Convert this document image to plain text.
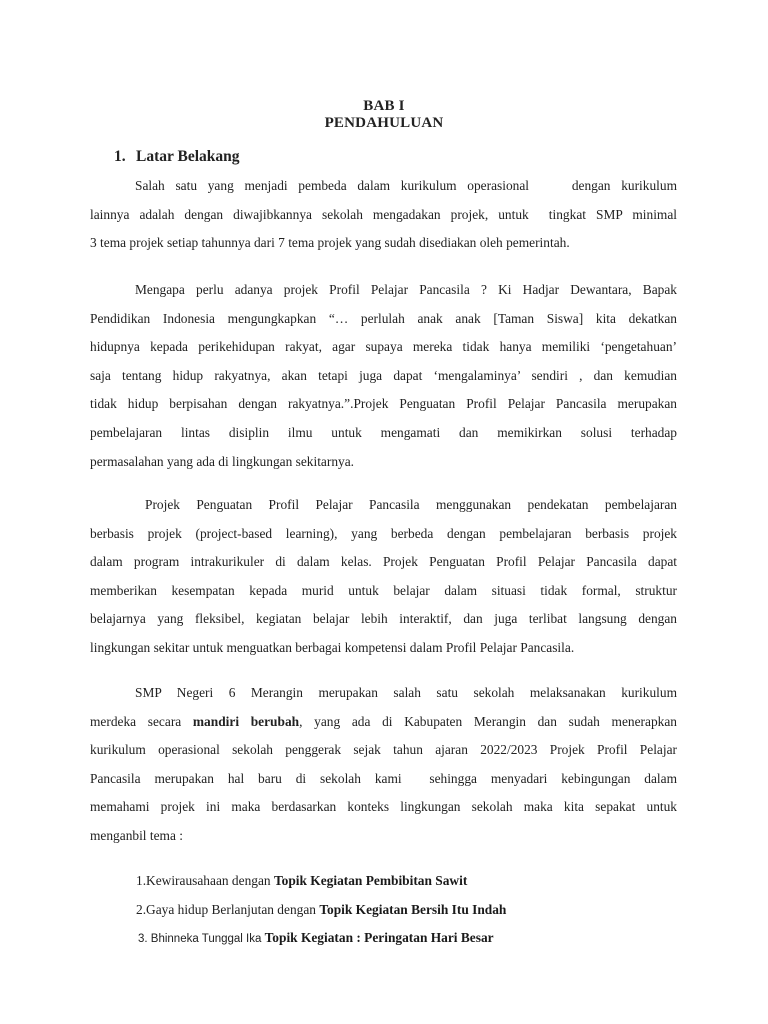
BAB I
PENDAHULUAN
1. Latar Belakang
Salah satu yang menjadi pembeda dalam kurikulum operasional    dengan kurikulum
lainnya adalah dengan diwajibkannya sekolah mengadakan projek, untuk  tingkat SMP minimal
3 tema projek setiap tahunnya dari 7 tema projek yang sudah disediakan oleh pemerintah.
Mengapa perlu adanya projek Profil Pelajar Pancasila ? Ki Hadjar Dewantara, Bapak
Pendidikan Indonesia mengungkapkan “… perlulah anak anak [Taman Siswa] kita dekatkan
hidupnya kepada perikehidupan rakyat, agar supaya mereka tidak hanya memiliki ‘pengetahuan’
saja tentang hidup rakyatnya, akan tetapi juga dapat ‘mengalaminya’ sendiri , dan kemudian
tidak hidup berpisahan dengan rakyatnya.”.Projek Penguatan Profil Pelajar Pancasila merupakan
pembelajaran lintas disiplin ilmu untuk mengamati dan memikirkan solusi terhadap
permasalahan yang ada di lingkungan sekitarnya.
Projek Penguatan Profil Pelajar Pancasila menggunakan pendekatan pembelajaran
berbasis projek (project-based learning), yang berbeda dengan pembelajaran berbasis projek
dalam program intrakurikuler di dalam kelas. Projek Penguatan Profil Pelajar Pancasila dapat
memberikan kesempatan kepada murid untuk belajar dalam situasi tidak formal, struktur
belajarnya yang fleksibel, kegiatan belajar lebih interaktif, dan juga terlibat langsung dengan
lingkungan sekitar untuk menguatkan berbagai kompetensi dalam Profil Pelajar Pancasila.
SMP Negeri 6 Merangin merupakan salah satu sekolah melaksanakan kurikulum
merdeka secara mandiri berubah, yang ada di Kabupaten Merangin dan sudah menerapkan
kurikulum operasional sekolah penggerak sejak tahun ajaran 2022/2023 Projek Profil Pelajar
Pancasila merupakan hal baru di sekolah kami  sehingga menyadari kebingungan dalam
memahami projek ini maka berdasarkan konteks lingkungan sekolah maka kita sepakat untuk
menganbil tema :
1.Kewirausahaan dengan Topik Kegiatan Pembibitan Sawit
2.Gaya hidup Berlanjutan dengan Topik Kegiatan Bersih Itu Indah
3. Bhinneka Tunggal Ika Topik Kegiatan : Peringatan Hari Besar
